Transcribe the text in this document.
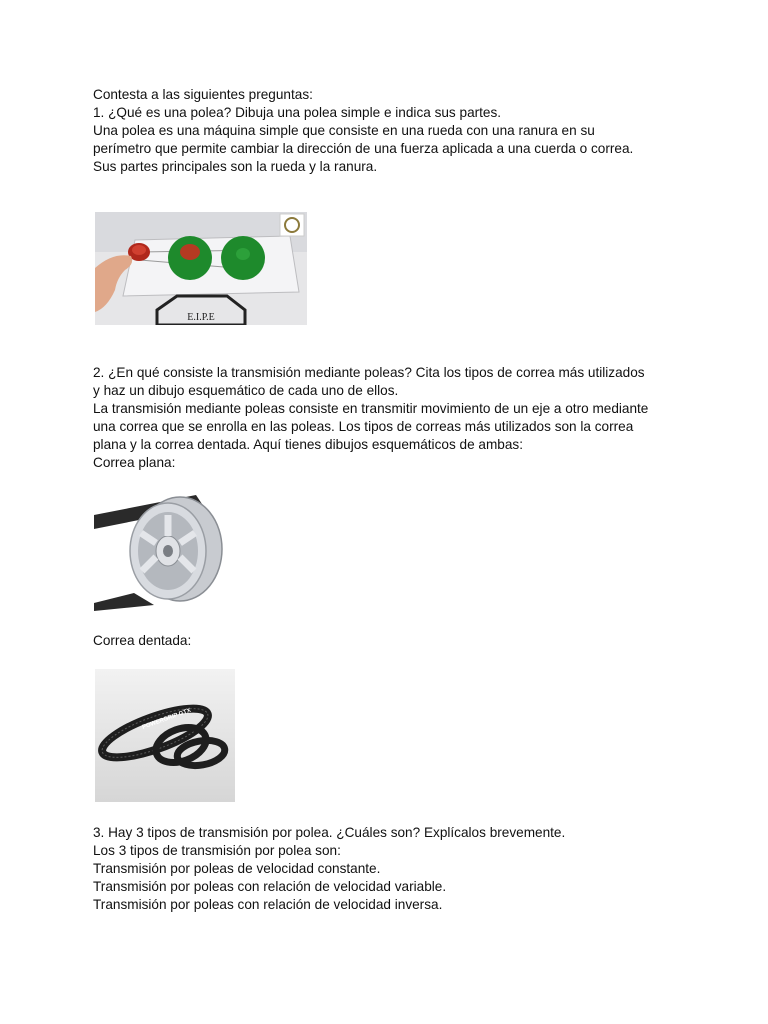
Contesta a las siguientes preguntas:
1. ¿Qué es una polea? Dibuja una polea simple e indica sus partes.
Una polea es una máquina simple que consiste en una rueda con una ranura en su
perímetro que permite cambiar la dirección de una fuerza aplicada a una cuerda o correa.
Sus partes principales son la rueda y la ranura.
E.I.P.E
2. ¿En qué consiste la transmisión mediante poleas? Cita los tipos de correa más utilizados
y haz un dibujo esquemático de cada uno de ellos.
La transmisión mediante poleas consiste en transmitir movimiento de un eje a otro mediante
una correa que se enrolla en las poleas. Los tipos de correas más utilizados son la correa
plana y la correa dentada. Aquí tienes dibujos esquemáticos de ambas:
Correa plana:
Correa dentada:
POWERGRIP GTX
3. Hay 3 tipos de transmisión por polea. ¿Cuáles son? Explícalos brevemente.
Los 3 tipos de transmisión por polea son:
Transmisión por poleas de velocidad constante.
Transmisión por poleas con relación de velocidad variable.
Transmisión por poleas con relación de velocidad inversa.
